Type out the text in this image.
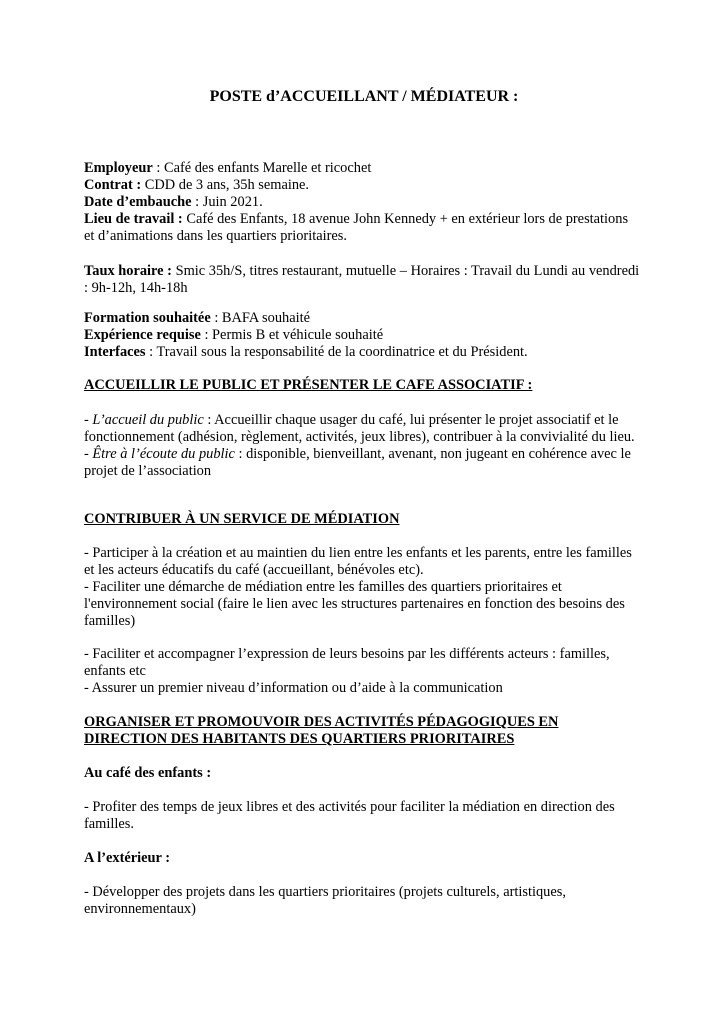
POSTE d’ACCUEILLANT / MÉDIATEUR :

Employeur : Café des enfants Marelle et ricochet

Contrat : CDD de 3 ans, 35h semaine.

Date d’embauche : Juin 2021.

Lieu de travail : Café des Enfants, 18 avenue John Kennedy + en extérieur lors de prestations et d’animations dans les quartiers prioritaires.

Taux horaire : Smic 35h/S, titres restaurant, mutuelle – Horaires : Travail du Lundi au vendredi : 9h-12h, 14h-18h

Formation souhaitée : BAFA souhaité

Expérience requise : Permis B et véhicule souhaité

Interfaces : Travail sous la responsabilité de la coordinatrice et du Président.

ACCUEILLIR LE PUBLIC ET PRÉSENTER LE CAFE ASSOCIATIF :

- L’accueil du public : Accueillir chaque usager du café, lui présenter le projet associatif et le fonctionnement (adhésion, règlement, activités, jeux libres), contribuer à la convivialité du lieu.

- Être à l’écoute du public : disponible, bienveillant, avenant, non jugeant en cohérence avec le projet de l’association

CONTRIBUER À UN SERVICE DE MÉDIATION

- Participer à la création et au maintien du lien entre les enfants et les parents, entre les familles et les acteurs éducatifs du café (accueillant, bénévoles etc).

- Faciliter une démarche de médiation entre les familles des quartiers prioritaires et l'environnement social (faire le lien avec les structures partenaires en fonction des besoins des familles)

- Faciliter et accompagner l’expression de leurs besoins par les différents acteurs : familles, enfants etc

- Assurer un premier niveau d’information ou d’aide à la communication

ORGANISER ET PROMOUVOIR DES ACTIVITÉS PÉDAGOGIQUES EN DIRECTION DES HABITANTS DES QUARTIERS PRIORITAIRES

Au café des enfants :

- Profiter des temps de jeux libres et des activités pour faciliter la médiation en direction des familles.

A l’extérieur :

- Développer des projets dans les quartiers prioritaires (projets culturels, artistiques, environnementaux)
